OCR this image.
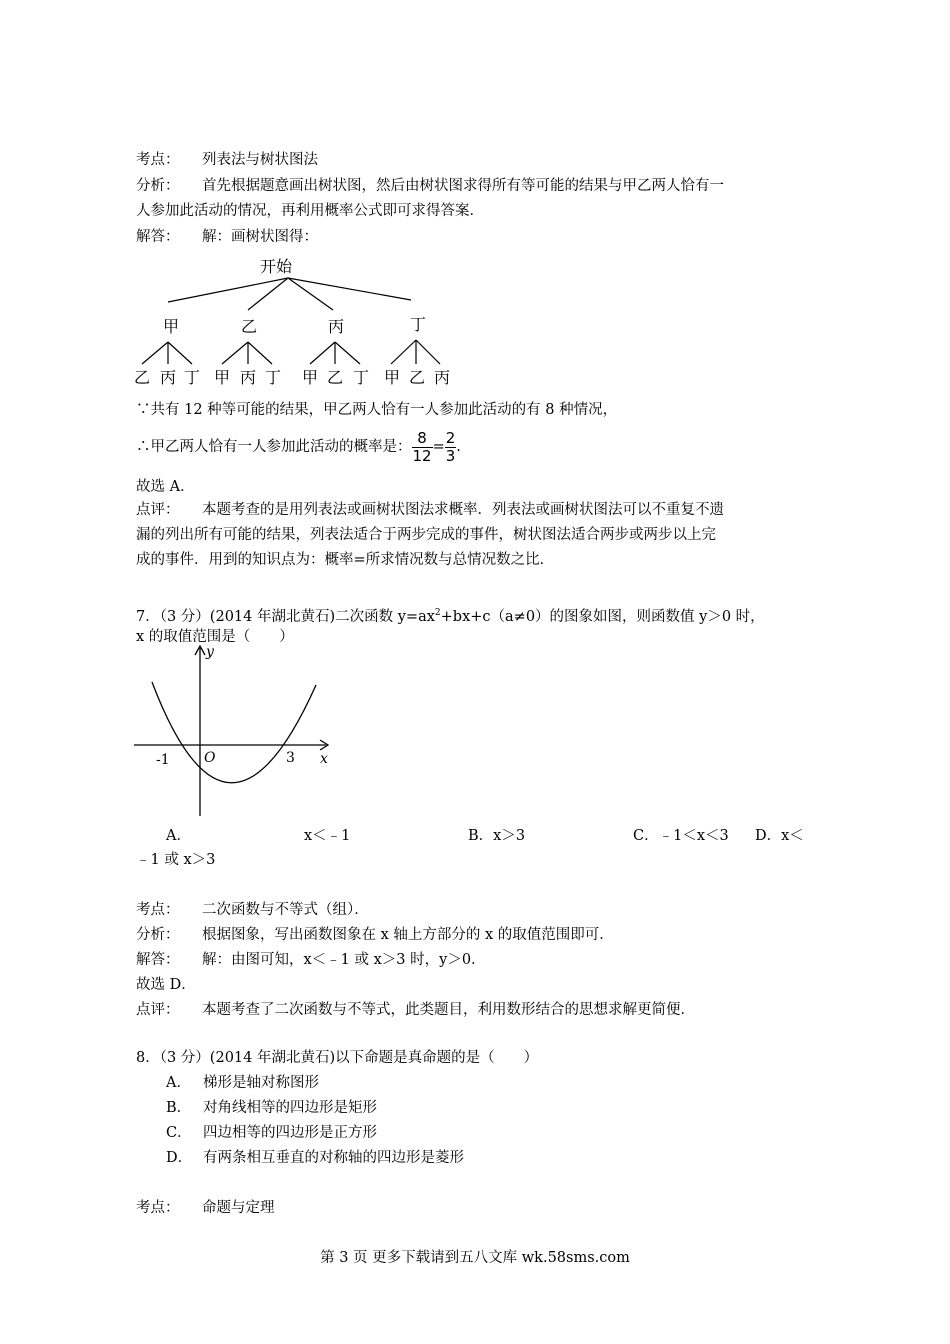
考点： 列表法与树状图法
分析： 首先根据题意画出树状图，然后由树状图求得所有等可能的结果与甲乙两人恰有一
人参加此活动的情况，再利用概率公式即可求得答案．
解答： 解：画树状图得：
开始
甲	乙	丙	丁
乙 丙 丁 甲 丙 丁 甲 乙 丁 甲 乙 丙
∵共有 12 种等可能的结果，甲乙两人恰有一人参加此活动的有 8 种情况，
∴甲乙两人恰有一人参加此活动的概率是： $\frac{8}{12} = \frac{2}{3}$ .
故选 A．
点评： 本题考查的是用列表法或画树状图法求概率．列表法或画树状图法可以不重复不遗
漏的列出所有可能的结果，列表法适合于两步完成的事件，树状图法适合两步或两步以上完
成的事件．用到的知识点为：概率=所求情况数与总情况数之比．
7．（3 分）(2014 年湖北黄石)二次函数 $y=ax^2+bx+c(a\ne 0)$的图象如图，则函数值 y＞0 时，
x 的取值范围是（　　）
y
x
O
-1	3
A．	x＜﹣1	B．x＞3	C．﹣1＜x＜3 D．x＜
﹣1 或 x＞3
考点： 二次函数与不等式（组）．
分析： 根据图象，写出函数图象在 x 轴上方部分的 x 的取值范围即可．
解答： 解：由图可知，x＜﹣1 或 x＞3 时，y＞0．
故选 D．
点评： 本题考查了二次函数与不等式，此类题目，利用数形结合的思想求解更简便．
8．（3 分）(2014 年湖北黄石)以下命题是真命题的是（　　）
A． 梯形是轴对称图形
B． 对角线相等的四边形是矩形
C． 四边相等的四边形是正方形
D． 有两条相互垂直的对称轴的四边形是菱形
考点： 命题与定理
第 3 页 更多下载请到五八文库 wk.58sms.com
